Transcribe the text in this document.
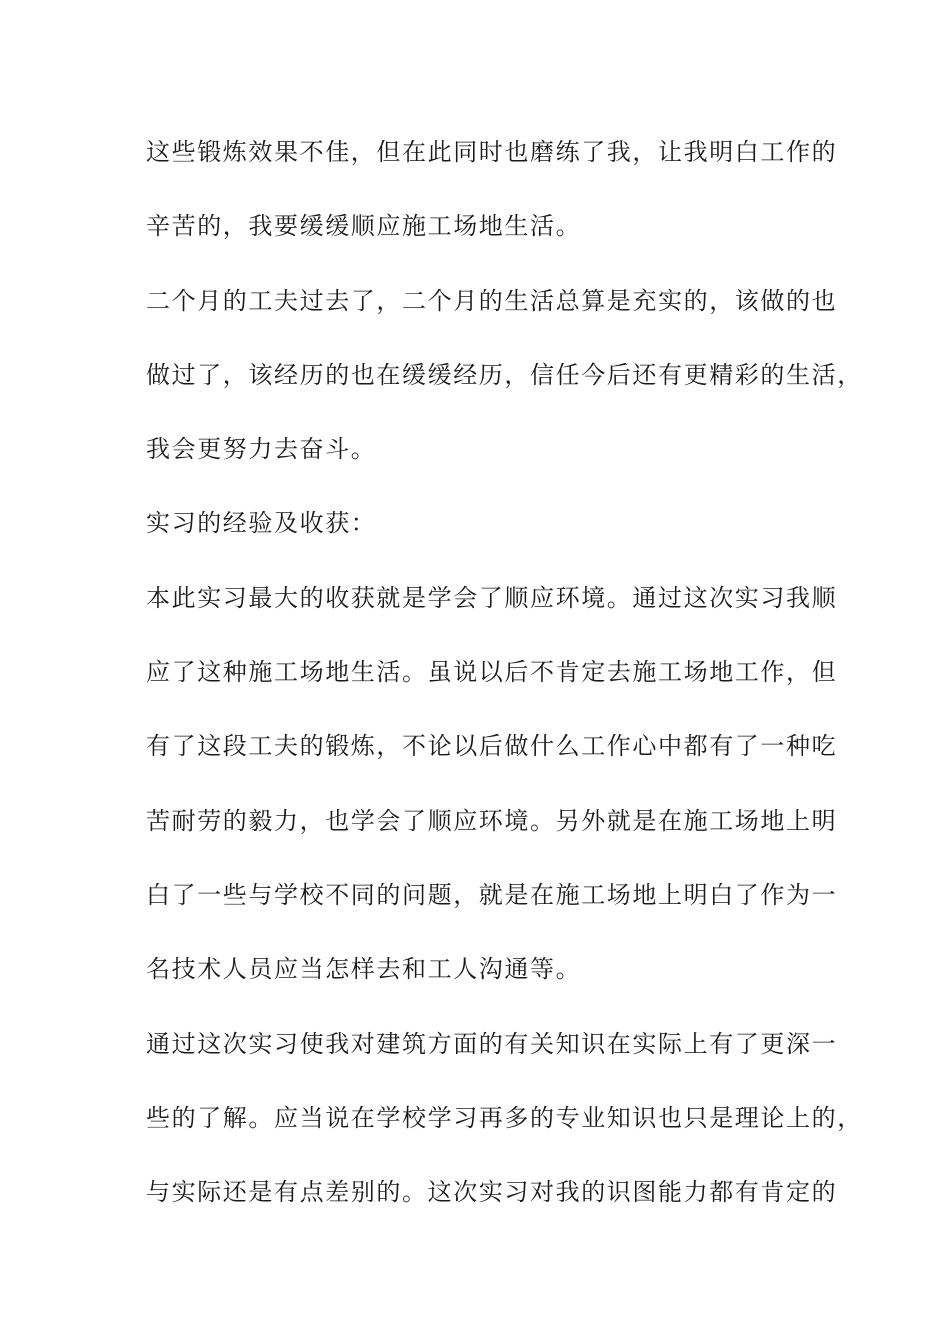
这些锻炼效果不佳，但在此同时也磨练了我，让我明白工作的
辛苦的，我要缓缓顺应施工场地生活。
二个月的工夫过去了，二个月的生活总算是充实的，该做的也
做过了，该经历的也在缓缓经历，信任今后还有更精彩的生活，
我会更努力去奋斗。
实习的经验及收获：
本此实习最大的收获就是学会了顺应环境。通过这次实习我顺
应了这种施工场地生活。虽说以后不肯定去施工场地工作，但
有了这段工夫的锻炼，不论以后做什么工作心中都有了一种吃
苦耐劳的毅力，也学会了顺应环境。另外就是在施工场地上明
白了一些与学校不同的问题，就是在施工场地上明白了作为一
名技术人员应当怎样去和工人沟通等。
通过这次实习使我对建筑方面的有关知识在实际上有了更深一
些的了解。应当说在学校学习再多的专业知识也只是理论上的，
与实际还是有点差别的。这次实习对我的识图能力都有肯定的
